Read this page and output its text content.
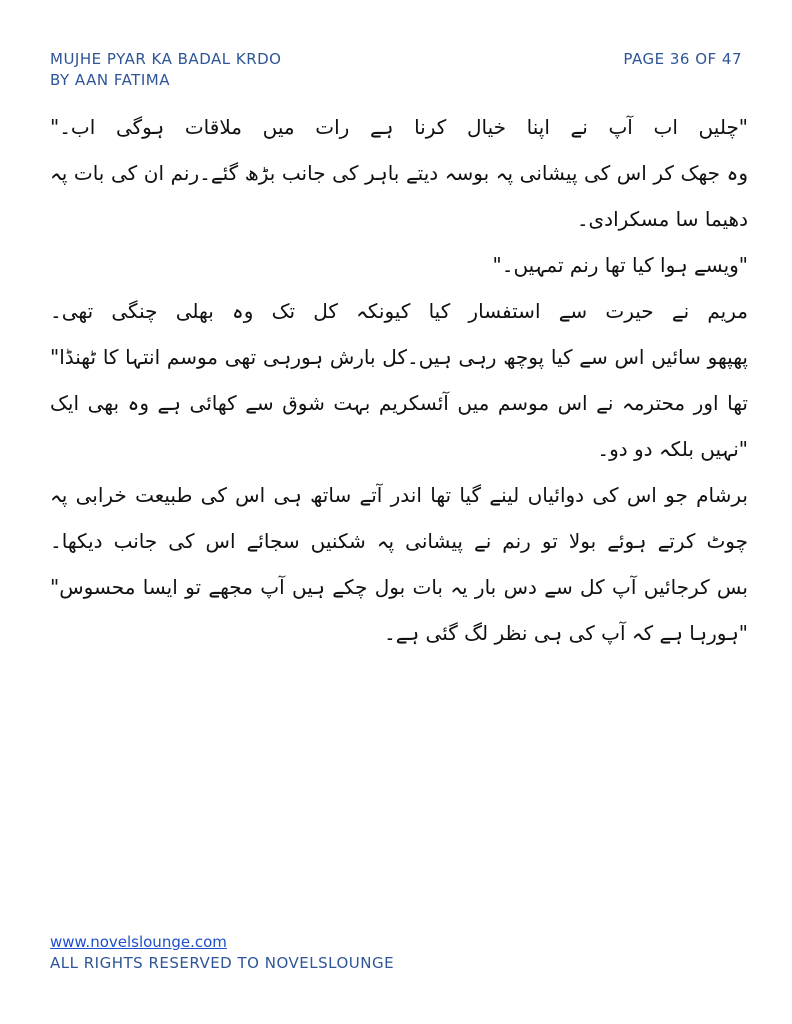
MUJHE PYAR KA BADAL KRDO
BY AAN FATIMA
PAGE 36 OF 47
"چلیں اب آپ نے اپنا خیال کرنا ہے رات میں ملاقات ہوگی اب۔"
وہ جھک کر اس کی پیشانی پہ بوسہ دیتے باہر کی جانب بڑھ گئے۔رنم ان کی بات پہ
دھیما سا مسکرادی۔
"ویسے ہوا کیا تھا رنم تمہیں۔"
مریم نے حیرت سے استفسار کیا کیونکہ کل تک وہ بھلی چنگی تھی۔
پھپھو سائیں اس سے کیا پوچھ رہی ہیں۔کل بارش ہورہی تھی موسم انتہا کا ٹھنڈا"
تھا اور محترمہ نے اس موسم میں آئسکریم بہت شوق سے کھائی ہے وہ بھی ایک
"نہیں بلکہ دو دو۔
برشام جو اس کی دوائیاں لینے گیا تھا اندر آتے ساتھ ہی اس کی طبیعت خرابی پہ
چوٹ کرتے ہوئے بولا تو رنم نے پیشانی پہ شکنیں سجائے اس کی جانب دیکھا۔
بس کرجائیں آپ کل سے دس بار یہ بات بول چکے ہیں آپ مجھے تو ایسا محسوس"
"ہورہا ہے کہ آپ کی ہی نظر لگ گئی ہے۔
www.novelslounge.com
ALL RIGHTS RESERVED TO NOVELSLOUNGE
